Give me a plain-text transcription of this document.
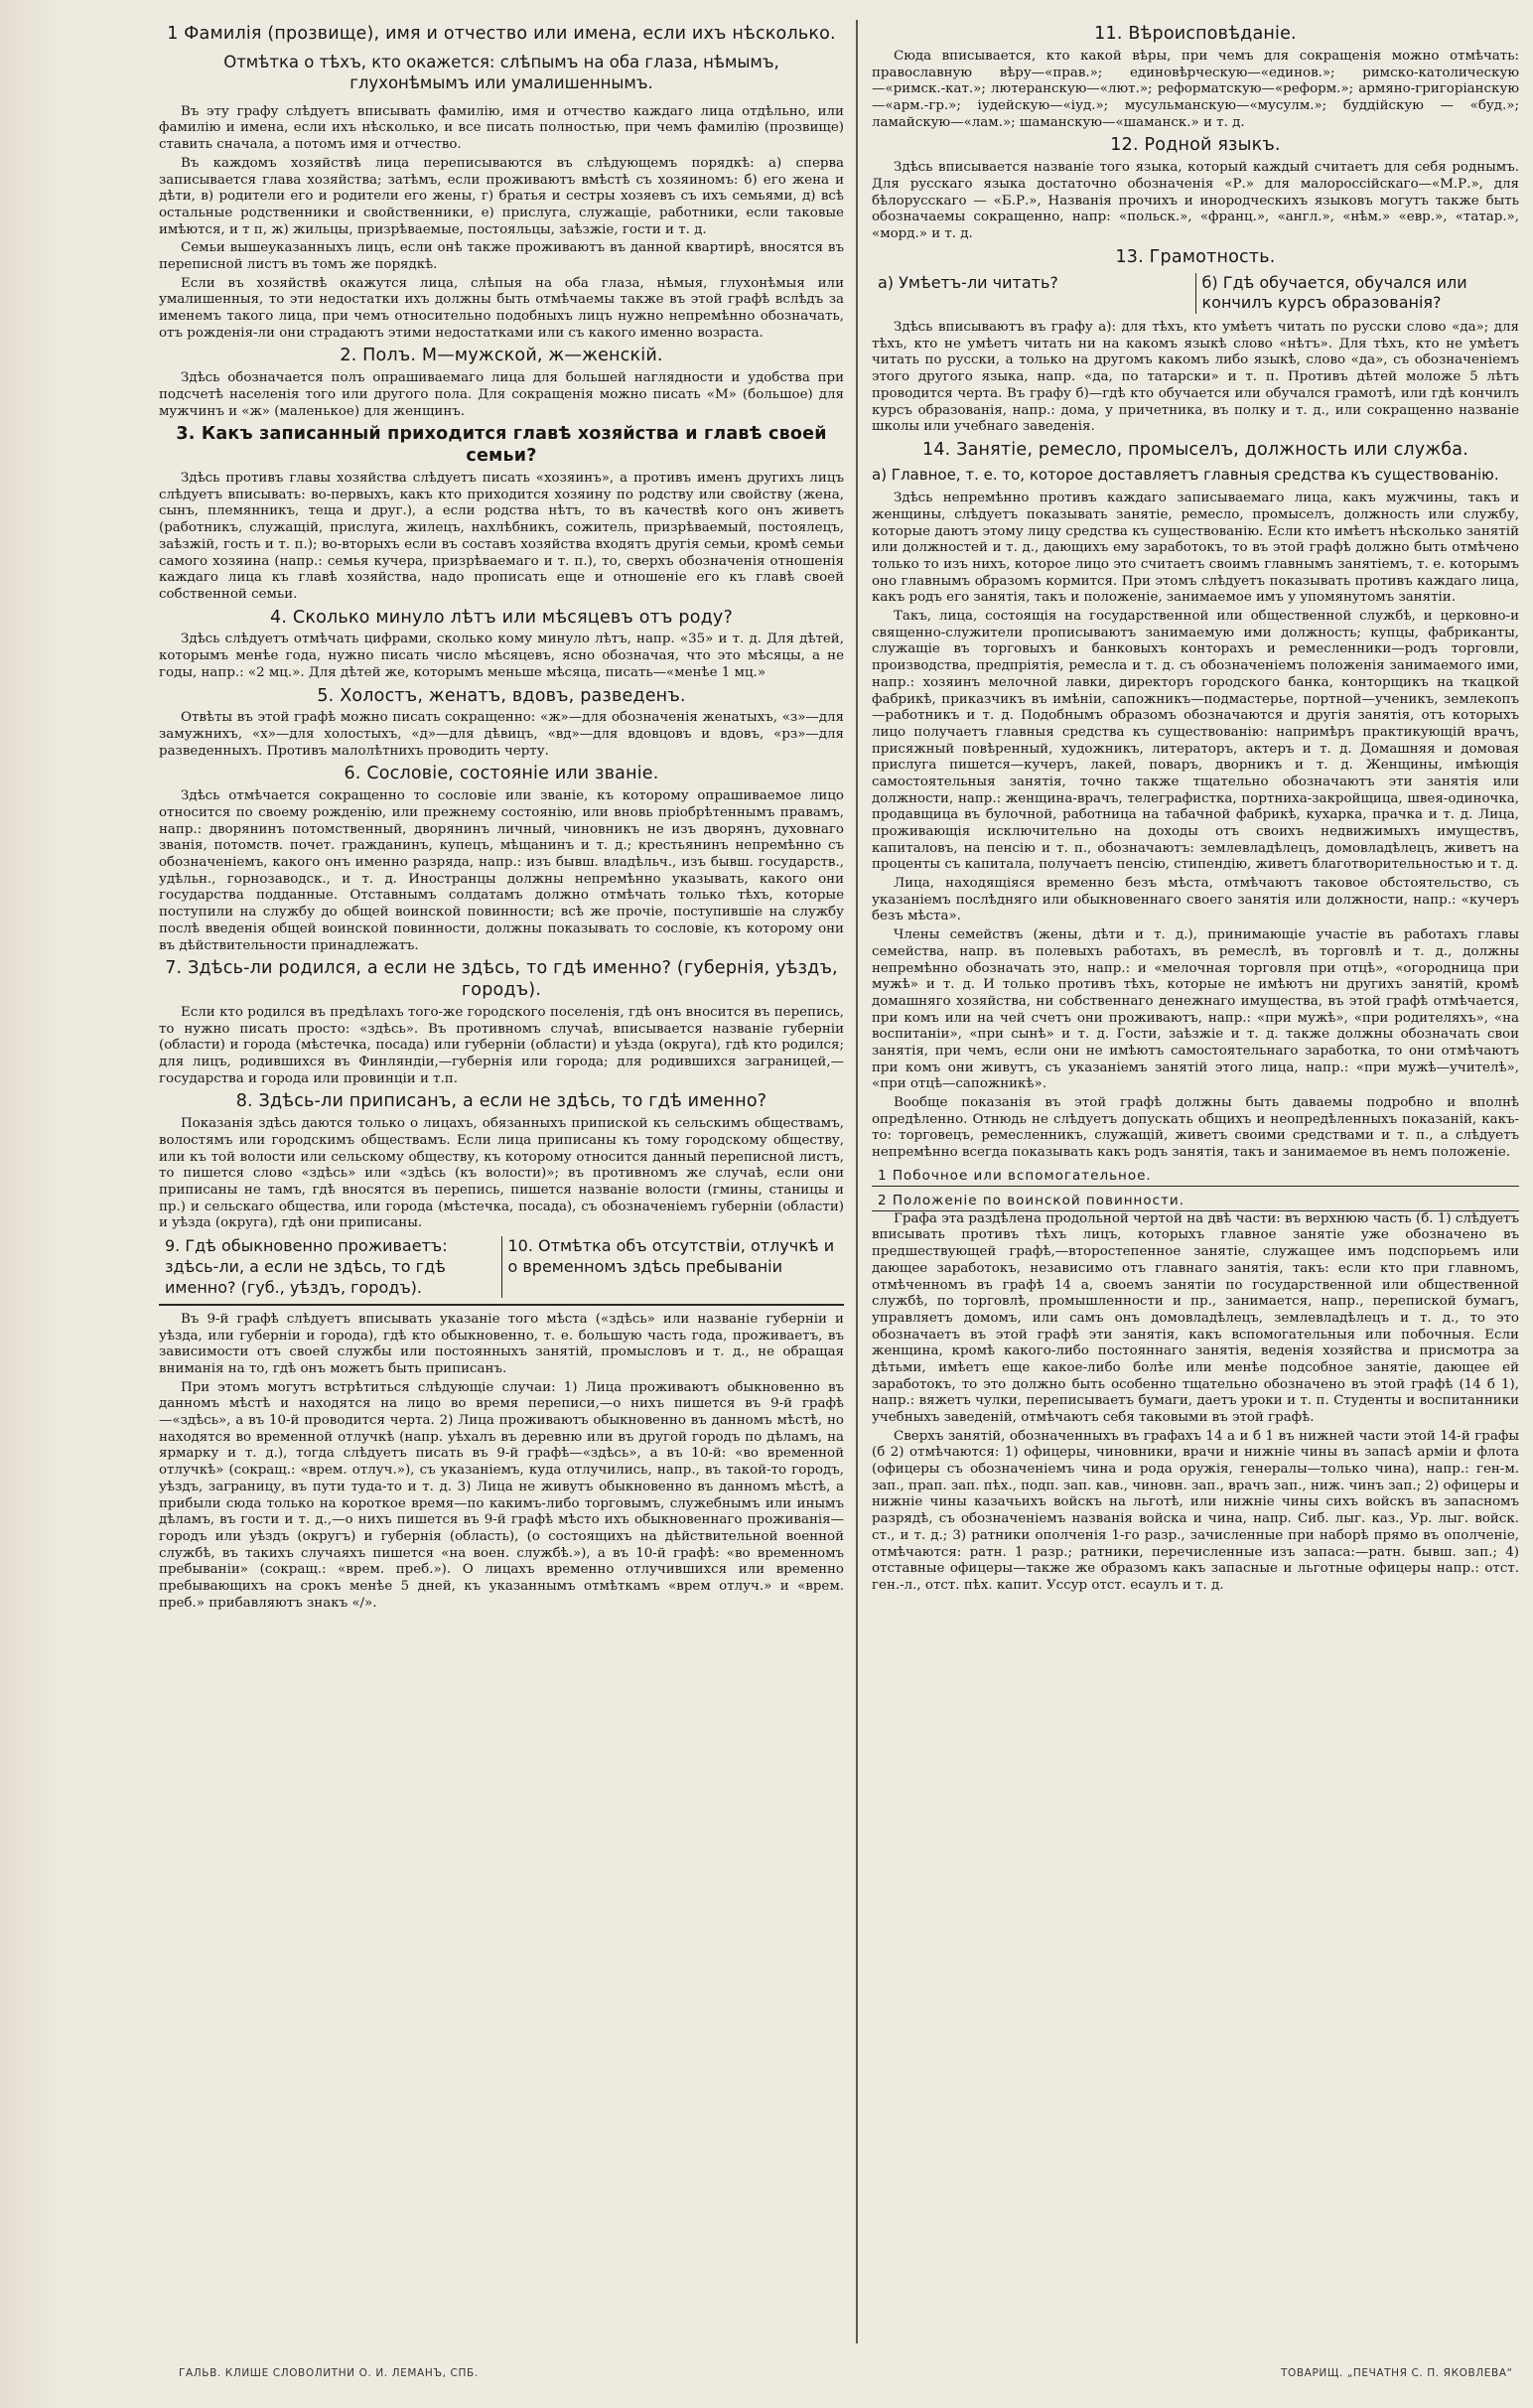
1 Фамилія (прозвище), имя и отчество или имена, если ихъ нѣсколько.
Отмѣтка о тѣхъ, кто окажется: слѣпымъ на оба глаза, нѣмымъ, глухонѣмымъ или умалишеннымъ.

Въ эту графу слѣдуетъ вписывать фамилію, имя и отчество каждаго лица отдѣльно, или фамилію и имена, если ихъ нѣсколько, и все писать полностью, при чемъ фамилію (прозвище) ставить сначала, а потомъ имя и отчество.

Въ каждомъ хозяйствѣ лица переписываются въ слѣдующемъ порядкѣ: а) сперва записывается глава хозяйства; затѣмъ, если проживаютъ вмѣстѣ съ хозяиномъ: б) его жена и дѣти, в) родители его и родители его жены, г) братья и сестры хозяевъ съ ихъ семьями, д) всѣ остальные родственники и свойственники, е) прислуга, служащіе, работники, если таковые имѣются, и т п, ж) жильцы, призрѣваемые, постояльцы, заѣзжіе, гости и т. д.

Семьи вышеуказанныхъ лицъ, если онѣ также проживаютъ въ данной квартирѣ, вносятся въ переписной листъ въ томъ же порядкѣ.

Если въ хозяйствѣ окажутся лица, слѣпыя на оба глаза, нѣмыя, глухонѣмыя или умалишенныя, то эти недостатки ихъ должны быть отмѣчаемы также въ этой графѣ вслѣдъ за именемъ такого лица, при чемъ относительно подобныхъ лицъ нужно непремѣнно обозначать, отъ рожденія-ли они страдаютъ этими недостатками или съ какого именно возраста.

2. Полъ. М—мужской, ж—женскій.

Здѣсь обозначается полъ опрашиваемаго лица для большей наглядности и удобства при подсчетѣ населенія того или другого пола. Для сокращенія можно писать «М» (большое) для мужчинъ и «ж» (маленькое) для женщинъ.

3. Какъ записанный приходится главѣ хозяйства и главѣ своей семьи?

Здѣсь противъ главы хозяйства слѣдуетъ писать «хозяинъ», а противъ именъ другихъ лицъ слѣдуетъ вписывать: во-первыхъ, какъ кто приходится хозяину по родству или свойству (жена, сынъ, племянникъ, теща и друг.), а если родства нѣтъ, то въ качествѣ кого онъ живетъ (работникъ, служащій, прислуга, жилецъ, нахлѣбникъ, сожитель, призрѣваемый, постоялецъ, заѣзжій, гость и т. п.); во-вторыхъ если въ составъ хозяйства входятъ другія семьи, кромѣ семьи самого хозяина (напр.: семья кучера, призрѣваемаго и т. п.), то, сверхъ обозначенія отношенія каждаго лица къ главѣ хозяйства, надо прописать еще и отношеніе его къ главѣ своей собственной семьи.

4. Сколько минуло лѣтъ или мѣсяцевъ отъ роду?

Здѣсь слѣдуетъ отмѣчать цифрами, сколько кому минуло лѣтъ, напр. «35» и т. д. Для дѣтей, которымъ менѣе года, нужно писать число мѣсяцевъ, ясно обозначая, что это мѣсяцы, а не годы, напр.: «2 мц.». Для дѣтей же, которымъ меньше мѣсяца, писать—«менѣе 1 мц.»

5. Холостъ, женатъ, вдовъ, разведенъ.

Отвѣты въ этой графѣ можно писать сокращенно: «ж»—для обозначенія женатыхъ, «з»—для замужнихъ, «х»—для холостыхъ, «д»—для дѣвицъ, «вд»—для вдовцовъ и вдовъ, «рз»—для разведенныхъ. Противъ малолѣтнихъ проводить черту.

6. Сословіе, состояніе или званіе.

Здѣсь отмѣчается сокращенно то сословіе или званіе, къ которому опрашиваемое лицо относится по своему рожденію, или прежнему состоянію, или вновь пріобрѣтеннымъ правамъ, напр.: дворянинъ потомственный, дворянинъ личный, чиновникъ не изъ дворянъ, духовнаго званія, потомств. почет. гражданинъ, купецъ, мѣщанинъ и т. д.; крестьянинъ непремѣнно съ обозначеніемъ, какого онъ именно разряда, напр.: изъ бывш. владѣльч., изъ бывш. государств., удѣльн., горнозаводск., и т. д. Иностранцы должны непремѣнно указывать, какого они государства подданные. Отставнымъ солдатамъ должно отмѣчать только тѣхъ, которые поступили на службу до общей воинской повинности; всѣ же прочіе, поступившіе на службу послѣ введенія общей воинской повинности, должны показывать то сословіе, къ которому они въ дѣйствительности принадлежатъ.

7. Здѣсь-ли родился, а если не здѣсь, то гдѣ именно? (губернія, уѣздъ, городъ).

Если кто родился въ предѣлахъ того-же городского поселенія, гдѣ онъ вносится въ перепись, то нужно писать просто: «здѣсь». Въ противномъ случаѣ, вписывается названіе губерніи (области) и города (мѣстечка, посада) или губерніи (области) и уѣзда (округа), гдѣ кто родился; для лицъ, родившихся въ Финляндіи,—губернія или города; для родившихся заграницей,—государства и города или провинціи и т.п.

8. Здѣсь-ли приписанъ, а если не здѣсь, то гдѣ именно?

Показанія здѣсь даются только о лицахъ, обязанныхъ припиской къ сельскимъ обществамъ, волостямъ или городскимъ обществамъ. Если лица приписаны къ тому городскому обществу, или къ той волости или сельскому обществу, къ которому относится данный переписной листъ, то пишется слово «здѣсь» или «здѣсь (къ волости)»; въ противномъ же случаѣ, если они приписаны не тамъ, гдѣ вносятся въ перепись, пишется названіе волости (гмины, станицы и пр.) и сельскаго общества, или города (мѣстечка, посада), съ обозначеніемъ губерніи (области) и уѣзда (округа), гдѣ они приписаны.

9. Гдѣ обыкновенно проживаетъ: здѣсь-ли, а если не здѣсь, то гдѣ именно? (губ., уѣздъ, городъ).
10. Отмѣтка объ отсутствіи, отлучкѣ и о временномъ здѣсь пребываніи

Въ 9-й графѣ слѣдуетъ вписывать указаніе того мѣста («здѣсь» или названіе губерніи и уѣзда, или губерніи и города), гдѣ кто обыкновенно, т. е. большую часть года, проживаетъ, въ зависимости отъ своей службы или постоянныхъ занятій, промысловъ и т. д., не обращая вниманія на то, гдѣ онъ можетъ быть приписанъ.

При этомъ могутъ встрѣтиться слѣдующіе случаи: 1) Лица проживаютъ обыкновенно въ данномъ мѣстѣ и находятся на лицо во время переписи,—о нихъ пишется въ 9-й графѣ—«здѣсь», а въ 10-й проводится черта. 2) Лица проживаютъ обыкновенно въ данномъ мѣстѣ, но находятся во временной отлучкѣ (напр. уѣхалъ въ деревню или въ другой городъ по дѣламъ, на ярмарку и т. д.), тогда слѣдуетъ писать въ 9-й графѣ—«здѣсь», а въ 10-й: «во временной отлучкѣ» (сокращ.: «врем. отлуч.»), съ указаніемъ, куда отлучились, напр., въ такой-то городъ, уѣздъ, заграницу, въ пути туда-то и т. д. 3) Лица не живутъ обыкновенно въ данномъ мѣстѣ, а прибыли сюда только на короткое время—по какимъ-либо торговымъ, служебнымъ или инымъ дѣламъ, въ гости и т. д.,—о нихъ пишется въ 9-й графѣ мѣсто ихъ обыкновеннаго проживанія—городъ или уѣздъ (округъ) и губернія (область), (о состоящихъ на дѣйствительной военной службѣ, въ такихъ случаяхъ пишется «на воен. службѣ.»), а въ 10-й графѣ: «во временномъ пребываніи» (сокращ.: «врем. преб.»). О лицахъ временно отлучившихся или временно пребывающихъ на срокъ менѣе 5 дней, къ указаннымъ отмѣткамъ «врем отлуч.» и «врем. преб.» прибавляютъ знакъ «/».

11. Вѣроисповѣданіе.

Сюда вписывается, кто какой вѣры, при чемъ для сокращенія можно отмѣчать: православную вѣру—«прав.»; единовѣрческую—«единов.»; римско-католическую—«римск.-кат.»; лютеранскую—«лют.»; реформатскую—«реформ.»; армяно-григоріанскую—«арм.-гр.»; іудейскую—«іуд.»; мусульманскую—«мусулм.»; буддійскую — «буд.»; ламайскую—«лам.»; шаманскую—«шаманск.» и т. д.

12. Родной языкъ.

Здѣсь вписывается названіе того языка, который каждый считаетъ для себя роднымъ. Для русскаго языка достаточно обозначенія «Р.» для малороссійскаго—«М.Р.», для бѣлорусскаго — «Б.Р.», Названія прочихъ и инородческихъ языковъ могутъ также быть обозначаемы сокращенно, напр: «польск.», «франц.», «англ.», «нѣм.» «евр.», «татар.», «морд.» и т. д.

13. Грамотность.
а) Умѣетъ-ли читать?	б) Гдѣ обучается, обучался или кончилъ курсъ образованія?

Здѣсь вписываютъ въ графу а): для тѣхъ, кто умѣетъ читать по русски слово «да»; для тѣхъ, кто не умѣетъ читать ни на какомъ языкѣ слово «нѣтъ». Для тѣхъ, кто не умѣетъ читать по русски, а только на другомъ какомъ либо языкѣ, слово «да», съ обозначеніемъ этого другого языка, напр. «да, по татарски» и т. п. Противъ дѣтей моложе 5 лѣтъ проводится черта. Въ графу б)—гдѣ кто обучается или обучался грамотѣ, или гдѣ кончилъ курсъ образованія, напр.: дома, у причетника, въ полку и т. д., или сокращенно названіе школы или учебнаго заведенія.

14. Занятіе, ремесло, промыселъ, должность или служба.
а) Главное, т. е. то, которое доставляетъ главныя средства къ существованію.

Здѣсь непремѣнно противъ каждаго записываемаго лица, какъ мужчины, такъ и женщины, слѣдуетъ показывать занятіе, ремесло, промыселъ, должность или службу, которые даютъ этому лицу средства къ существованію. Если кто имѣетъ нѣсколько занятій или должностей и т. д., дающихъ ему заработокъ, то въ этой графѣ должно быть отмѣчено только то изъ нихъ, которое лицо это считаетъ своимъ главнымъ занятіемъ, т. е. которымъ оно главнымъ образомъ кормится. При этомъ слѣдуетъ показывать противъ каждаго лица, какъ родъ его занятія, такъ и положеніе, занимаемое имъ у упомянутомъ занятіи.

Такъ, лица, состоящія на государственной или общественной службѣ, и церковно-и священно-служители прописываютъ занимаемую ими должность; купцы, фабриканты, служащіе въ торговыхъ и банковыхъ конторахъ и ремесленники—родъ торговли, производства, предпріятія, ремесла и т. д. съ обозначеніемъ положенія занимаемого ими, напр.: хозяинъ мелочной лавки, директоръ городского банка, конторщикъ на ткацкой фабрикѣ, приказчикъ въ имѣніи, сапожникъ—подмастерье, портной—ученикъ, землекопъ—работникъ и т. д. Подобнымъ образомъ обозначаются и другія занятія, отъ которыхъ лицо получаетъ главныя средства къ существованію: напримѣръ практикующій врачъ, присяжный повѣренный, художникъ, литераторъ, актеръ и т. д. Домашняя и домовая прислуга пишется—кучеръ, лакей, поваръ, дворникъ и т. д. Женщины, имѣющія самостоятельныя занятія, точно также тщательно обозначаютъ эти занятія или должности, напр.: женщина-врачъ, телеграфистка, портниха-закройщица, швея-одиночка, продавщица въ булочной, работница на табачной фабрикѣ, кухарка, прачка и т. д. Лица, проживающія исключительно на доходы отъ своихъ недвижимыхъ имуществъ, капиталовъ, на пенсію и т. п., обозначаютъ: землевладѣлецъ, домовладѣлецъ, живетъ на проценты съ капитала, получаетъ пенсію, стипендію, живетъ благотворительностью и т. д.

Лица, находящіяся временно безъ мѣста, отмѣчаютъ таковое обстоятельство, съ указаніемъ послѣдняго или обыкновеннаго своего занятія или должности, напр.: «кучеръ безъ мѣста».

Члены семействъ (жены, дѣти и т. д.), принимающіе участіе въ работахъ главы семейства, напр. въ полевыхъ работахъ, въ ремеслѣ, въ торговлѣ и т. д., должны непремѣнно обозначать это, напр.: и «мелочная торговля при отцѣ», «огородница при мужѣ» и т. д. И только противъ тѣхъ, которые не имѣютъ ни другихъ занятій, кромѣ домашняго хозяйства, ни собственнаго денежнаго имущества, въ этой графѣ отмѣчается, при комъ или на чей счетъ они проживаютъ, напр.: «при мужѣ», «при родителяхъ», «на воспитаніи», «при сынѣ» и т. д. Гости, заѣзжіе и т. д. также должны обозначать свои занятія, при чемъ, если они не имѣютъ самостоятельнаго заработка, то они отмѣчаютъ при комъ они живутъ, съ указаніемъ занятій этого лица, напр.: «при мужѣ—учителѣ», «при отцѣ—сапожникѣ».

Вообще показанія въ этой графѣ должны быть даваемы подробно и вполнѣ опредѣленно. Отнюдь не слѣдуетъ допускать общихъ и неопредѣленныхъ показаній, какъ-то: торговецъ, ремесленникъ, служащій, живетъ своими средствами и т. п., а слѣдуетъ непремѣнно всегда показывать какъ родъ занятія, такъ и занимаемое въ немъ положеніе.

1 Побочное или вспомогательное.
2 Положеніе по воинской повинности.

Графа эта раздѣлена продольной чертой на двѣ части: въ верхнюю часть (б. 1) слѣдуетъ вписывать противъ тѣхъ лицъ, которыхъ главное занятіе уже обозначено въ предшествующей графѣ,—второстепенное занятіе, служащее имъ подспорьемъ или дающее заработокъ, независимо отъ главнаго занятія, такъ: если кто при главномъ, отмѣченномъ въ графѣ 14 а, своемъ занятіи по государственной или общественной службѣ, по торговлѣ, промышленности и пр., занимается, напр., перепиской бумагъ, управляетъ домомъ, или самъ онъ домовладѣлецъ, землевладѣлецъ и т. д., то это обозначаетъ въ этой графѣ эти занятія, какъ вспомогательныя или побочныя. Если женщина, кромѣ какого-либо постояннаго занятія, веденія хозяйства и присмотра за дѣтьми, имѣетъ еще какое-либо болѣе или менѣе подсобное занятіе, дающее ей заработокъ, то это должно быть особенно тщательно обозначено въ этой графѣ (14 б 1), напр.: вяжетъ чулки, переписываетъ бумаги, даетъ уроки и т. п. Студенты и воспитанники учебныхъ заведеній, отмѣчаютъ себя таковыми въ этой графѣ.

Сверхъ занятій, обозначенныхъ въ графахъ 14 а и б 1 въ нижней части этой 14-й графы (б 2) отмѣчаются: 1) офицеры, чиновники, врачи и нижніе чины въ запасѣ арміи и флота (офицеры съ обозначеніемъ чина и рода оружія, генералы—только чина), напр.: ген-м. зап., прап. зап. пѣх., подп. зап. кав., чиновн. зап., врачъ зап., ниж. чинъ зап.; 2) офицеры и нижніе чины казачьихъ войскъ на льготѣ, или нижніе чины сихъ войскъ въ запасномъ разрядѣ, съ обозначеніемъ названія войска и чина, напр. Сиб. лыг. каз., Ур. лыг. войск. ст., и т. д.; 3) ратники ополченія 1-го разр., зачисленные при наборѣ прямо въ ополченіе, отмѣчаются: ратн. 1 разр.; ратники, перечисленные изъ запаса:—ратн. бывш. зап.; 4) отставные офицеры—также же образомъ какъ запасные и льготные офицеры напр.: отст. ген.-л., отст. пѣх. капит. Уссур отст. есаулъ и т. д.

ГАЛЬВ. КЛИШЕ СЛОВОЛИТНИ О. И. ЛЕМАНЪ, СПБ.	ТОВАРИЩ. „ПЕЧАТНЯ С. П. ЯКОВЛЕВА“
